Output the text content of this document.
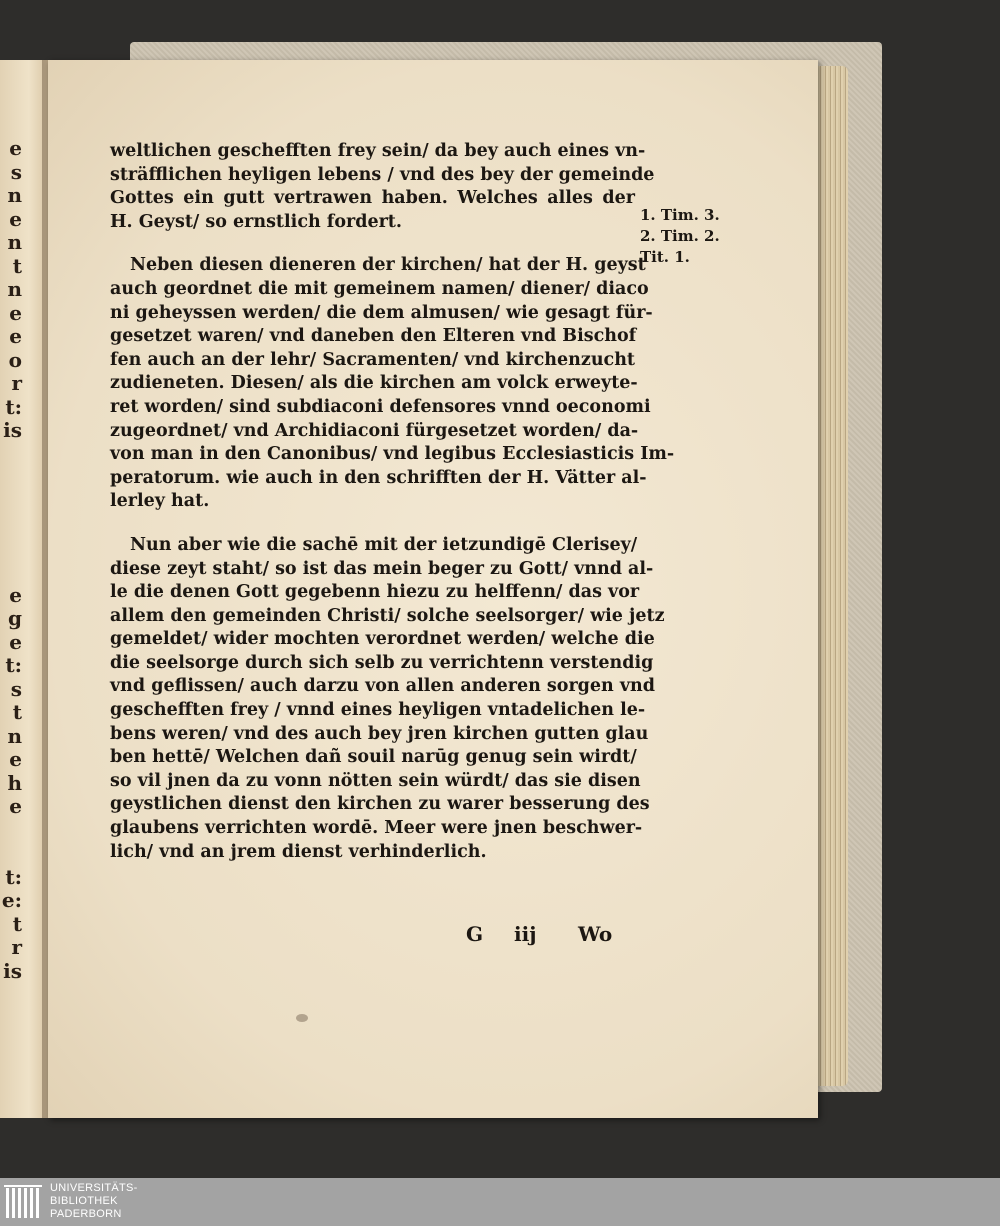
e
s
n
e
n
t
n
e
e
o
r
t:
is
e
g
e
t:
s
t
n
e
h
e
t:
e:
t
r
is
weltlichen geschefften frey sein/ da bey auch eines vn-
sträfflichen heyligen lebens / vnd des bey der gemeinde
Gottes ein gutt vertrawen haben. Welches alles der
H. Geyst/ so ernstlich fordert.
Neben diesen dieneren der kirchen/ hat der H. geyst
auch geordnet die mit gemeinem namen/ diener/ diaco
ni geheyssen werden/ die dem almusen/ wie gesagt für-
gesetzet waren/ vnd daneben den Elteren vnd Bischof
fen auch an der lehr/ Sacramenten/ vnd kirchenzucht
zudieneten. Diesen/ als die kirchen am volck erweyte-
ret worden/ sind subdiaconi defensores vnnd oeconomi
zugeordnet/ vnd Archidiaconi fürgesetzet worden/ da-
von man in den Canonibus/ vnd legibus Ecclesiasticis Im-
peratorum. wie auch in den schrifften der H. Vätter al-
lerley hat.
Nun aber wie die sachē mit der ietzundigē Clerisey/
diese zeyt staht/ so ist das mein beger zu Gott/ vnnd al-
le die denen Gott gegebenn hiezu zu helffenn/ das vor
allem den gemeinden Christi/ solche seelsorger/ wie jetz
gemeldet/ wider mochten verordnet werden/ welche die
die seelsorge durch sich selb zu verrichtenn verstendig
vnd geflissen/ auch darzu von allen anderen sorgen vnd
geschefften frey / vnnd eines heyligen vntadelichen le-
bens weren/ vnd des auch bey jren kirchen gutten glau
ben hettē/ Welchen dañ souil narūg genug sein wirdt/
so vil jnen da zu vonn nötten sein würdt/ das sie disen
geystlichen dienst den kirchen zu warer besserung des
glaubens verrichten wordē. Meer were jnen beschwer-
lich/ vnd an jrem dienst verhinderlich.
G iij Wo
1. Tim. 3.
2. Tim. 2.
Tit. 1.
UNIVERSITÄTS-
BIBLIOTHEK
PADERBORN
